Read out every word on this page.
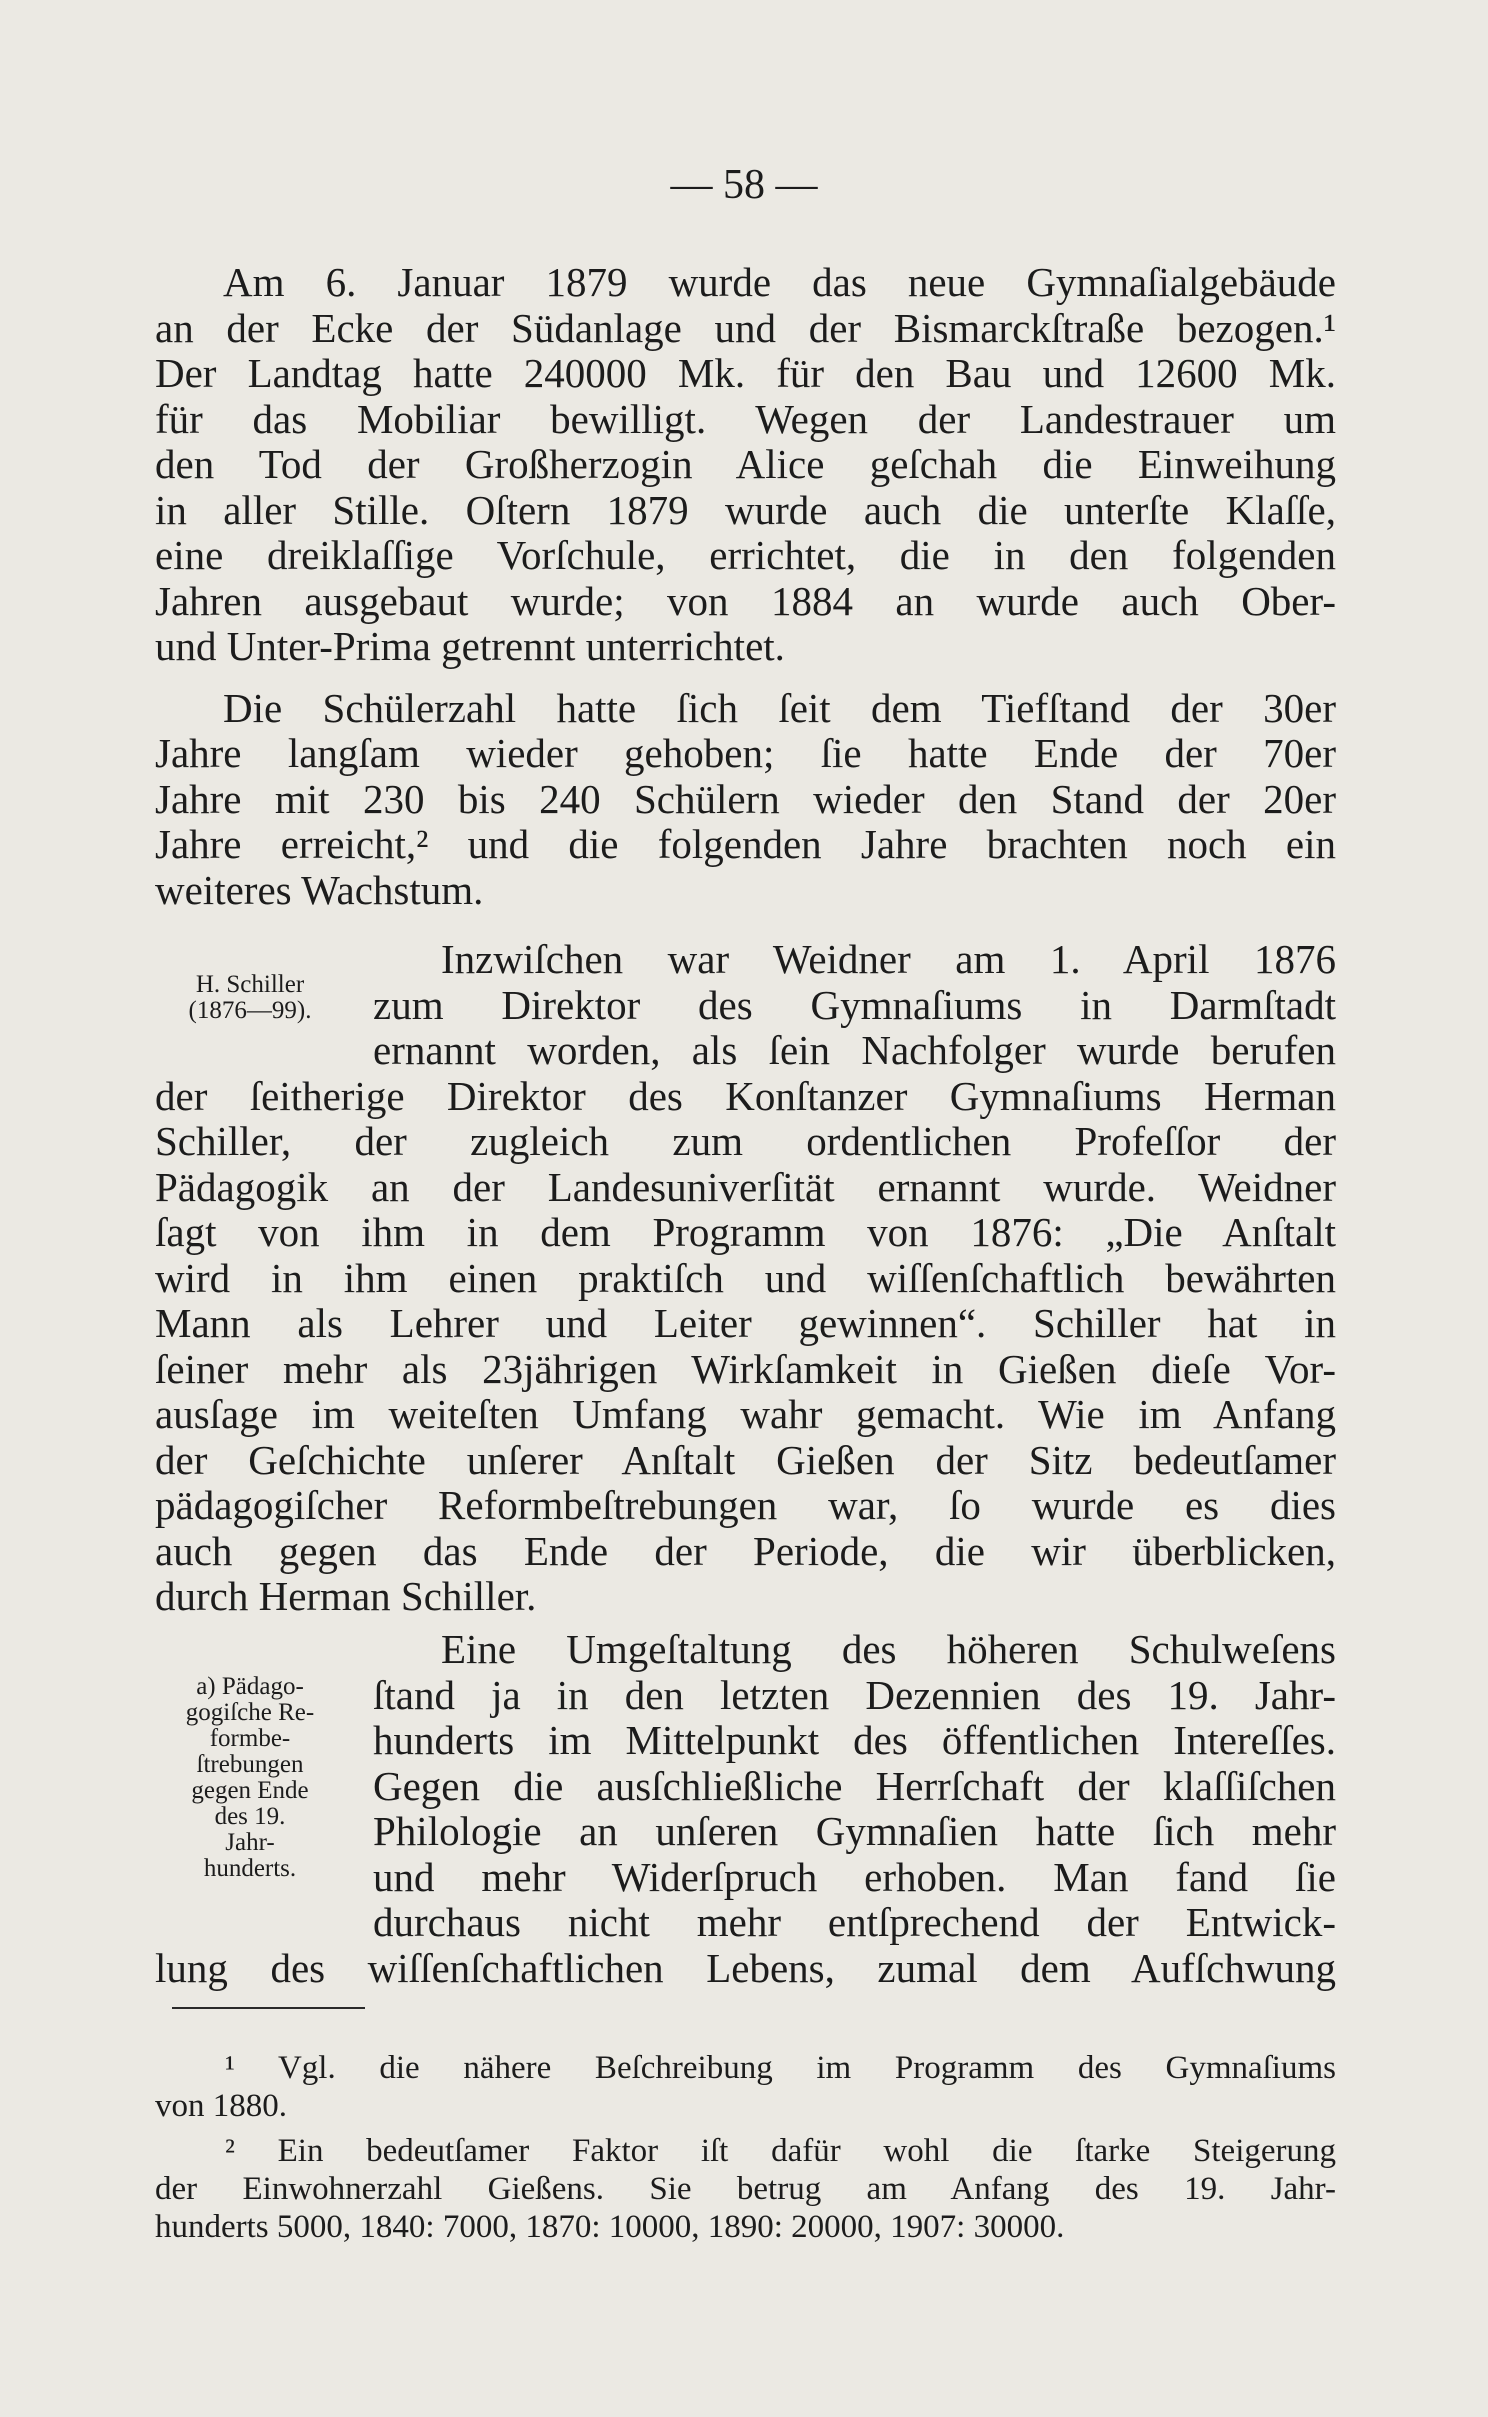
— 58 —
Am 6. Januar 1879 wurde das neue Gymnaſialgebäude
an der Ecke der Südanlage und der Bismarckſtraße bezogen.¹
Der Landtag hatte 240000 Mk. für den Bau und 12600 Mk.
für das Mobiliar bewilligt. Wegen der Landestrauer um
den Tod der Großherzogin Alice geſchah die Einweihung
in aller Stille. Oſtern 1879 wurde auch die unterſte Klaſſe,
eine dreiklaſſige Vorſchule, errichtet, die in den folgenden
Jahren ausgebaut wurde; von 1884 an wurde auch Ober-
und Unter-Prima getrennt unterrichtet.
Die Schülerzahl hatte ſich ſeit dem Tiefſtand der 30er
Jahre langſam wieder gehoben; ſie hatte Ende der 70er
Jahre mit 230 bis 240 Schülern wieder den Stand der 20er
Jahre erreicht,² und die folgenden Jahre brachten noch ein
weiteres Wachstum.
H. Schiller
(1876—99).
Inzwiſchen war Weidner am 1. April 1876
zum Direktor des Gymnaſiums in Darmſtadt
ernannt worden, als ſein Nachfolger wurde berufen
der ſeitherige Direktor des Konſtanzer Gymnaſiums Herman
Schiller, der zugleich zum ordentlichen Profeſſor der
Pädagogik an der Landesuniverſität ernannt wurde. Weidner
ſagt von ihm in dem Programm von 1876: „Die Anſtalt
wird in ihm einen praktiſch und wiſſenſchaftlich bewährten
Mann als Lehrer und Leiter gewinnen“. Schiller hat in
ſeiner mehr als 23jährigen Wirkſamkeit in Gießen dieſe Vor-
ausſage im weiteſten Umfang wahr gemacht. Wie im Anfang
der Geſchichte unſerer Anſtalt Gießen der Sitz bedeutſamer
pädagogiſcher Reformbeſtrebungen war, ſo wurde es dies
auch gegen das Ende der Periode, die wir überblicken,
durch Herman Schiller.
a) Pädago-
gogiſche Re-
formbe-
ſtrebungen
gegen Ende
des 19.
Jahr-
hunderts.
Eine Umgeſtaltung des höheren Schulweſens
ſtand ja in den letzten Dezennien des 19. Jahr-
hunderts im Mittelpunkt des öffentlichen Intereſſes.
Gegen die ausſchließliche Herrſchaft der klaſſiſchen
Philologie an unſeren Gymnaſien hatte ſich mehr
und mehr Widerſpruch erhoben. Man fand ſie
durchaus nicht mehr entſprechend der Entwick-
lung des wiſſenſchaftlichen Lebens, zumal dem Aufſchwung
¹ Vgl. die nähere Beſchreibung im Programm des Gymnaſiums
von 1880.
² Ein bedeutſamer Faktor iſt dafür wohl die ſtarke Steigerung
der Einwohnerzahl Gießens. Sie betrug am Anfang des 19. Jahr-
hunderts 5000, 1840: 7000, 1870: 10000, 1890: 20000, 1907: 30000.
